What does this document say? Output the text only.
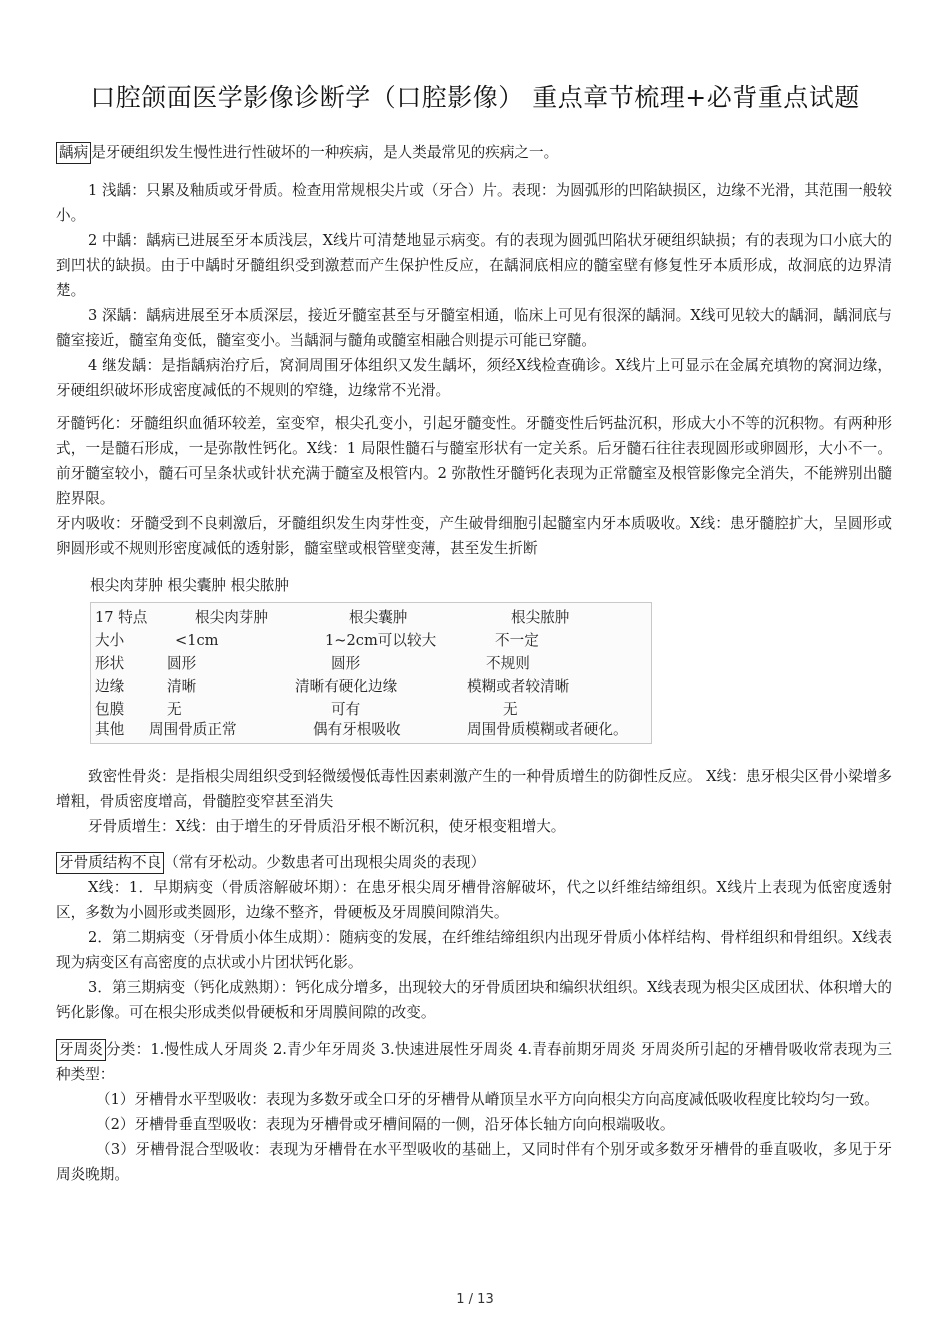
口腔颌面医学影像诊断学（口腔影像） 重点章节梳理+必背重点试题

龋病 是牙硬组织发生慢性进行性破坏的一种疾病，是人类最常见的疾病之一。

1 浅龋：只累及釉质或牙骨质。检查用常规根尖片或（牙合）片。表现：为圆弧形的凹陷缺损区，边缘不光滑，其范围一般较小。

2 中龋：龋病已进展至牙本质浅层，X线片可清楚地显示病变。有的表现为圆弧凹陷状牙硬组织缺损；有的表现为口小底大的到凹状的缺损。由于中龋时牙髓组织受到激惹而产生保护性反应，在龋洞底相应的髓室壁有修复性牙本质形成，故洞底的边界清楚。

3 深龋：龋病进展至牙本质深层，接近牙髓室甚至与牙髓室相通，临床上可见有很深的龋洞。X线可见较大的龋洞，龋洞底与髓室接近，髓室角变低，髓室变小。当龋洞与髓角或髓室相融合则提示可能已穿髓。

4 继发龋：是指龋病治疗后，窝洞周围牙体组织又发生龋坏，须经X线检查确诊。X线片上可显示在金属充填物的窝洞边缘，牙硬组织破坏形成密度减低的不规则的窄缝，边缘常不光滑。

牙髓钙化：牙髓组织血循环较差，室变窄，根尖孔变小，引起牙髓变性。牙髓变性后钙盐沉积，形成大小不等的沉积物。有两种形式，一是髓石形成，一是弥散性钙化。X线：1 局限性髓石与髓室形状有一定关系。后牙髓石往往表现圆形或卵圆形，大小不一。前牙髓室较小，髓石可呈条状或针状充满于髓室及根管内。2 弥散性牙髓钙化表现为正常髓室及根管影像完全消失，不能辨别出髓腔界限。

牙内吸收：牙髓受到不良刺激后，牙髓组织发生肉芽性变，产生破骨细胞引起髓室内牙本质吸收。X线：患牙髓腔扩大，呈圆形或卵圆形或不规则形密度减低的透射影，髓室壁或根管壁变薄，甚至发生折断

根尖肉芽肿 根尖囊肿 根尖脓肿
17 特点	根尖肉芽肿	根尖囊肿	根尖脓肿
大小	<1cm	1~2cm可以较大	不一定
形状	圆形	圆形	不规则
边缘	清晰	清晰有硬化边缘	模糊或者较清晰
包膜	无	可有	无
其他 周围骨质正常	偶有牙根吸收	周围骨质模糊或者硬化。

致密性骨炎：是指根尖周组织受到轻微缓慢低毒性因素刺激产生的一种骨质增生的防御性反应。 X线：患牙根尖区骨小梁增多增粗，骨质密度增高，骨髓腔变窄甚至消失

牙骨质增生：X线：由于增生的牙骨质沿牙根不断沉积，使牙根变粗增大。

牙骨质结构不良 （常有牙松动。少数患者可出现根尖周炎的表现）

X线：1．早期病变（骨质溶解破坏期）：在患牙根尖周牙槽骨溶解破坏，代之以纤维结缔组织。X线片上表现为低密度透射区，多数为小圆形或类圆形，边缘不整齐，骨硬板及牙周膜间隙消失。

2．第二期病变（牙骨质小体生成期）：随病变的发展，在纤维结缔组织内出现牙骨质小体样结构、骨样组织和骨组织。X线表现为病变区有高密度的点状或小片团状钙化影。

3．第三期病变（钙化成熟期）：钙化成分增多，出现较大的牙骨质团块和编织状组织。X线表现为根尖区成团状、体积增大的钙化影像。可在根尖形成类似骨硬板和牙周膜间隙的改变。

牙周炎 分类：1.慢性成人牙周炎 2.青少年牙周炎 3.快速进展性牙周炎 4.青春前期牙周炎 牙周炎所引起的牙槽骨吸收常表现为三种类型：

（1）牙槽骨水平型吸收：表现为多数牙或全口牙的牙槽骨从嵴顶呈水平方向向根尖方向高度减低吸收程度比较均匀一致。

（2）牙槽骨垂直型吸收：表现为牙槽骨或牙槽间隔的一侧，沿牙体长轴方向向根端吸收。

（3）牙槽骨混合型吸收：表现为牙槽骨在水平型吸收的基础上，又同时伴有个别牙或多数牙牙槽骨的垂直吸收，多见于牙周炎晚期。

1 / 13
